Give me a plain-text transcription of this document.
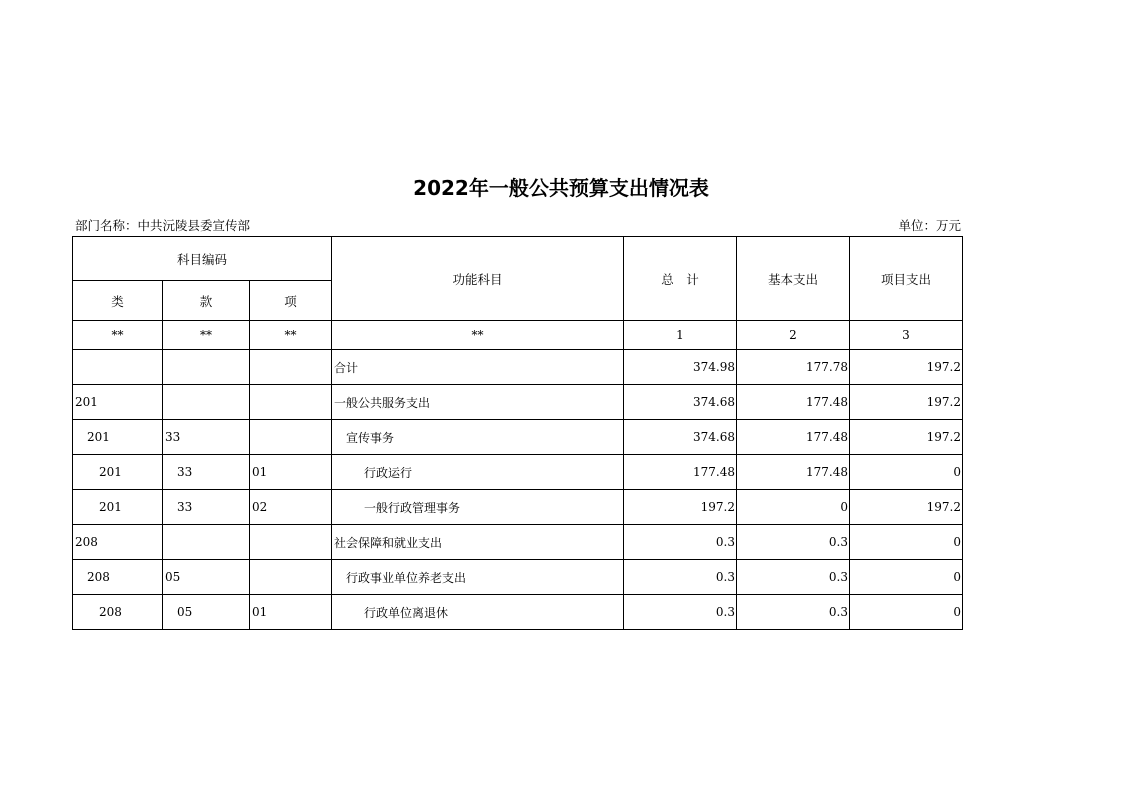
2022年一般公共预算支出情况表
部门名称：中共沅陵县委宣传部	单位：万元
科目编码			功能科目	总　计	基本支出	项目支出
类	款	项				
**	**	**	**	1	2	3
			合计	374.98	177.78	197.2
201			一般公共服务支出	374.68	177.48	197.2
201	33		宣传事务	374.68	177.48	197.2
201	33	01	行政运行	177.48	177.48	0
201	33	02	一般行政管理事务	197.2	0	197.2
208			社会保障和就业支出	0.3	0.3	0
208	05		行政事业单位养老支出	0.3	0.3	0
208	05	01	行政单位离退休	0.3	0.3	0
